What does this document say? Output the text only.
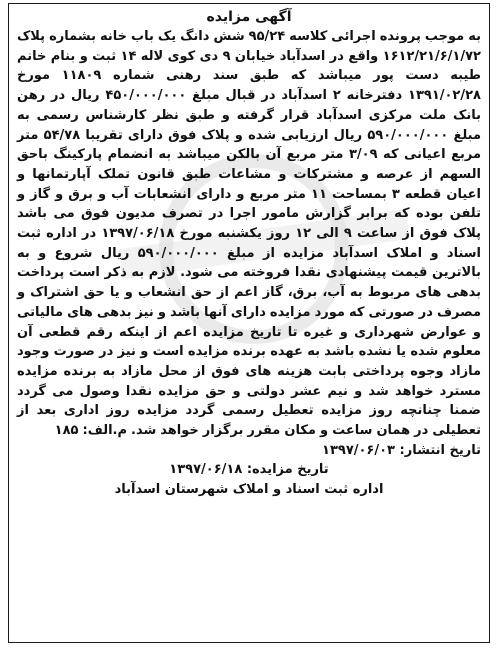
آگهی مزایده
به موجب پرونده اجرائی کلاسه ۹۵/۲۴ شش دانگ یک باب خانه بشماره پلاک ۱۶۱۲/۲۱/۶/۱/۷۲ واقع در اسدآباد خیابان ۹ دی کوی لاله ۱۴ ثبت و بنام خانم طیبه دست پور میباشد که طبق سند رهنی شماره ۱۱۸۰۹ مورخ ۱۳۹۱/۰۲/۲۸ دفترخانه ۲ اسدآباد در قبال مبلغ ۴۵۰/۰۰۰/۰۰۰ ریال در رهن بانک ملت مرکزی اسدآباد قرار گرفته و طبق نظر کارشناس رسمی به مبلغ ۵۹۰/۰۰۰/۰۰۰ ریال ارزیابی شده و پلاک فوق دارای تقریبا ۵۴/۷۸ متر مربع اعیانی که ۳/۰۹ متر مربع آن بالکن میباشد به انضمام پارکینگ باحق السهم از عرصه و مشترکات و مشاعات طبق قانون تملک آپارتمانها و اعیان قطعه ۳ بمساحت ۱۱ متر مربع و دارای انشعابات آب و برق و گاز و تلفن بوده که برابر گزارش مامور اجرا در تصرف مدیون فوق می باشد پلاک فوق از ساعت ۹ الی ۱۲ روز یکشنبه مورخ ۱۳۹۷/۰۶/۱۸ در اداره ثبت اسناد و املاک اسدآباد مزایده از مبلغ ۵۹۰/۰۰۰/۰۰۰ ریال شروع و به بالاترین قیمت پیشنهادی نقدا فروخته می شود. لازم به ذکر است پرداخت بدهی های مربوط به آب، برق، گاز اعم از حق انشعاب و یا حق اشتراک و مصرف در صورتی که مورد مزایده دارای آنها باشد و نیز بدهی های مالیاتی و عوارض شهرداری و غیره تا تاریخ مزایده اعم از اینکه رقم قطعی آن معلوم شده یا نشده باشد به عهده برنده مزایده است و نیز در صورت وجود مازاد وجوه پرداختی بابت هزینه های فوق از محل مازاد به برنده مزایده مسترد خواهد شد و نیم عشر دولتی و حق مزایده نقدا وصول می گردد ضمنا چنانچه روز مزایده تعطیل رسمی گردد مزایده روز اداری بعد از تعطیلی در همان ساعت و مکان مقرر برگزار خواهد شد. م.الف: ۱۸۵
تاریخ انتشار: ۱۳۹۷/۰۶/۰۳
تاریخ مزایده: ۱۳۹۷/۰۶/۱۸
اداره ثبت اسناد و املاک شهرستان اسدآباد
